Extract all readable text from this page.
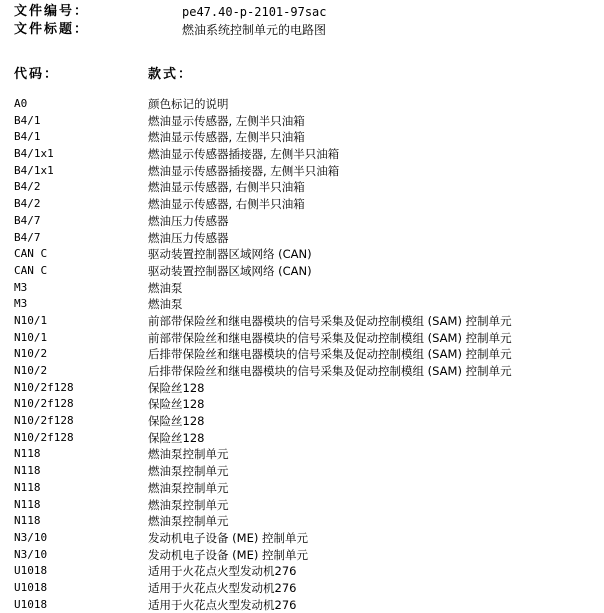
文件编号：	pe47.40-p-2101-97sac
文件标题：	燃油系统控制单元的电路图
代码：	款式：
A0	颜色标记的说明
B4/1	燃油显示传感器, 左侧半只油箱
B4/1	燃油显示传感器, 左侧半只油箱
B4/1x1	燃油显示传感器插接器, 左侧半只油箱
B4/1x1	燃油显示传感器插接器, 左侧半只油箱
B4/2	燃油显示传感器, 右侧半只油箱
B4/2	燃油显示传感器, 右侧半只油箱
B4/7	燃油压力传感器
B4/7	燃油压力传感器
CAN C	驱动装置控制器区域网络 (CAN)
CAN C	驱动装置控制器区域网络 (CAN)
M3	燃油泵
M3	燃油泵
N10/1	前部带保险丝和继电器模块的信号采集及促动控制模组 (SAM) 控制单元
N10/1	前部带保险丝和继电器模块的信号采集及促动控制模组 (SAM) 控制单元
N10/2	后排带保险丝和继电器模块的信号采集及促动控制模组 (SAM) 控制单元
N10/2	后排带保险丝和继电器模块的信号采集及促动控制模组 (SAM) 控制单元
N10/2f128	保险丝128
N10/2f128	保险丝128
N10/2f128	保险丝128
N10/2f128	保险丝128
N118	燃油泵控制单元
N118	燃油泵控制单元
N118	燃油泵控制单元
N118	燃油泵控制单元
N118	燃油泵控制单元
N3/10	发动机电子设备 (ME) 控制单元
N3/10	发动机电子设备 (ME) 控制单元
U1018	适用于火花点火型发动机276
U1018	适用于火花点火型发动机276
U1018	适用于火花点火型发动机276
